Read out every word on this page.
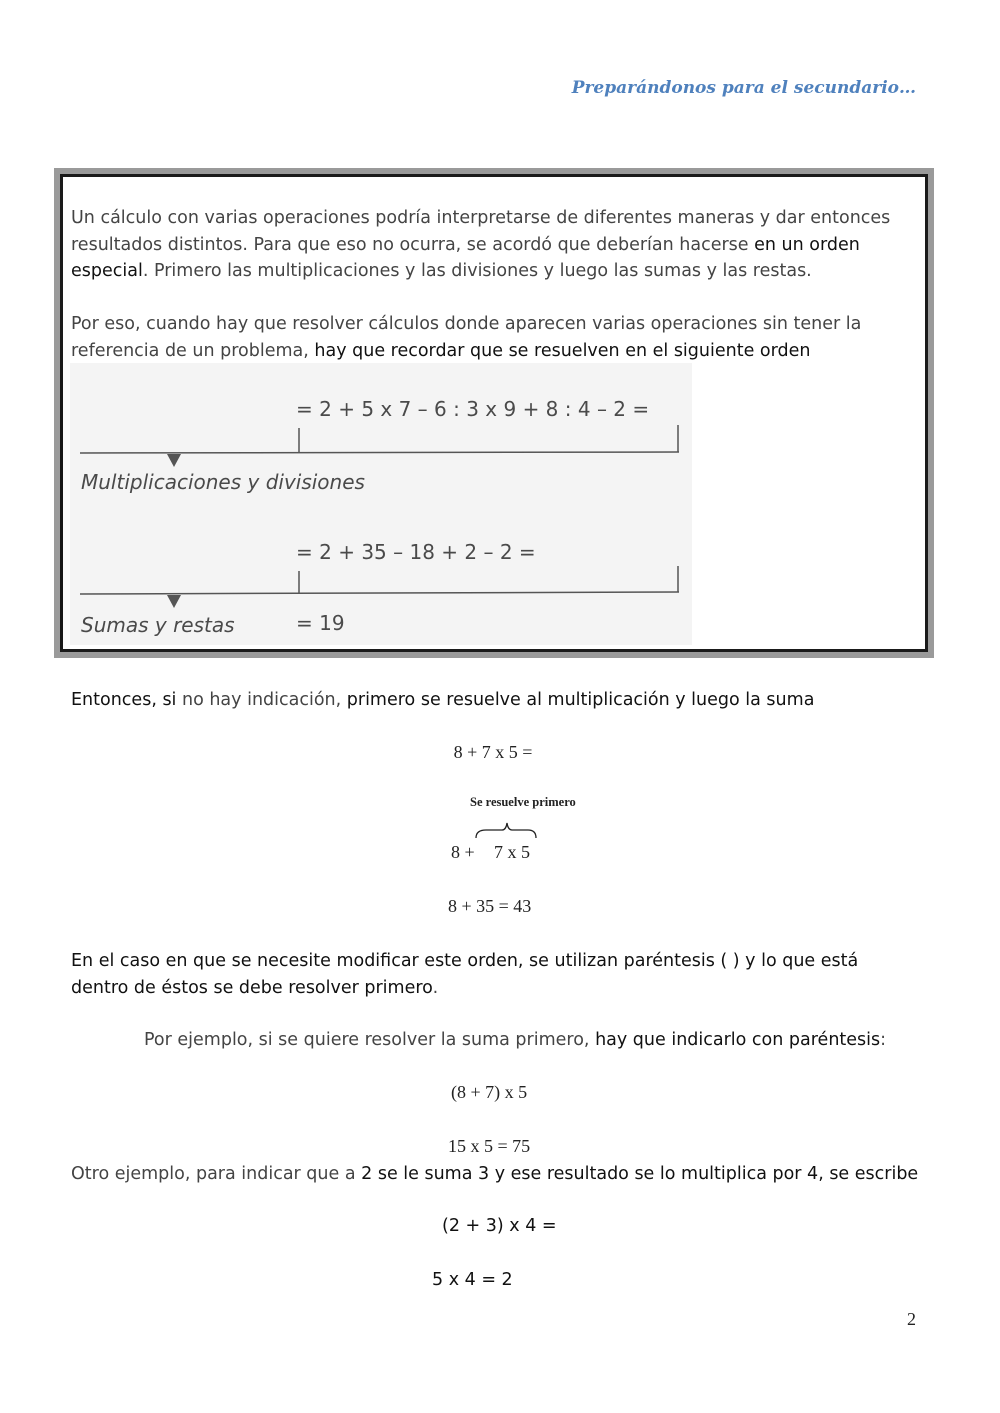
Preparándonos para el secundario…
Un cálculo con varias operaciones podría interpretarse de diferentes maneras y dar entonces resultados distintos. Para que eso no ocurra, se acordó que deberían hacerse en un orden especial. Primero las multiplicaciones y las divisiones y luego las sumas y las restas.
Por eso, cuando hay que resolver cálculos donde aparecen varias operaciones sin tener la referencia de un problema, hay que recordar que se resuelven en el siguiente orden
= 2 + 5 x 7 – 6 : 3 x 9 + 8 : 4 – 2 =
Multiplicaciones y divisiones
= 2 + 35 – 18 + 2 – 2 =
Sumas y restas	= 19
Entonces, si no hay indicación, primero se resuelve al multiplicación y luego la suma
8 + 7 x 5 =
Se resuelve primero
8 + 7 x 5
8 + 35 = 43
En el caso en que se necesite modificar este orden, se utilizan paréntesis ( ) y lo que está dentro de éstos se debe resolver primero.
Por ejemplo, si se quiere resolver la suma primero, hay que indicarlo con paréntesis:
(8 + 7) x 5
15 x 5 = 75
Otro ejemplo, para indicar que a 2 se le suma 3 y ese resultado se lo multiplica por 4, se escribe
(2 + 3) x 4 =
5 x 4 = 2
2
